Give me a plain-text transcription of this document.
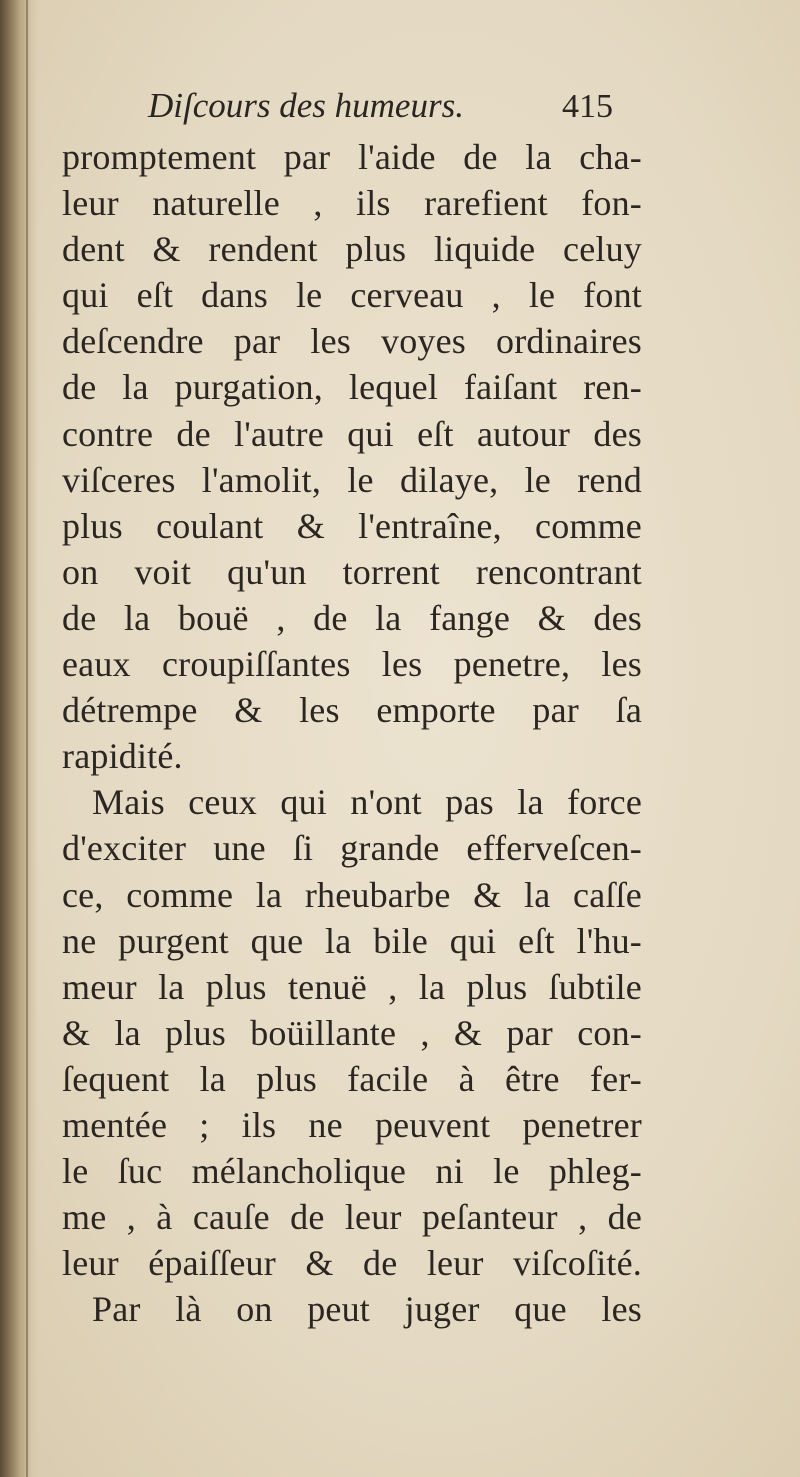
Diſcours des humeurs.	415
promptement par l'aide de la cha-
leur naturelle , ils rarefient fon-
dent & rendent plus liquide celuy
qui eſt dans le cerveau , le font
deſcendre par les voyes ordinaires
de la purgation, lequel faiſant ren-
contre de l'autre qui eſt autour des
viſceres l'amolit, le dilaye, le rend
plus coulant & l'entraîne, comme
on voit qu'un torrent rencontrant
de la bouë , de la fange & des
eaux croupiſſantes les penetre, les
détrempe & les emporte par ſa
rapidité.
Mais ceux qui n'ont pas la force
d'exciter une ſi grande efferveſcen-
ce, comme la rheubarbe & la caſſe
ne purgent que la bile qui eſt l'hu-
meur la plus tenuë , la plus ſubtile
& la plus boüillante , & par con-
ſequent la plus facile à être fer-
mentée ; ils ne peuvent penetrer
le ſuc mélancholique ni le phleg-
me , à cauſe de leur peſanteur , de
leur épaiſſeur & de leur viſcoſité.
Par là on peut juger que les
